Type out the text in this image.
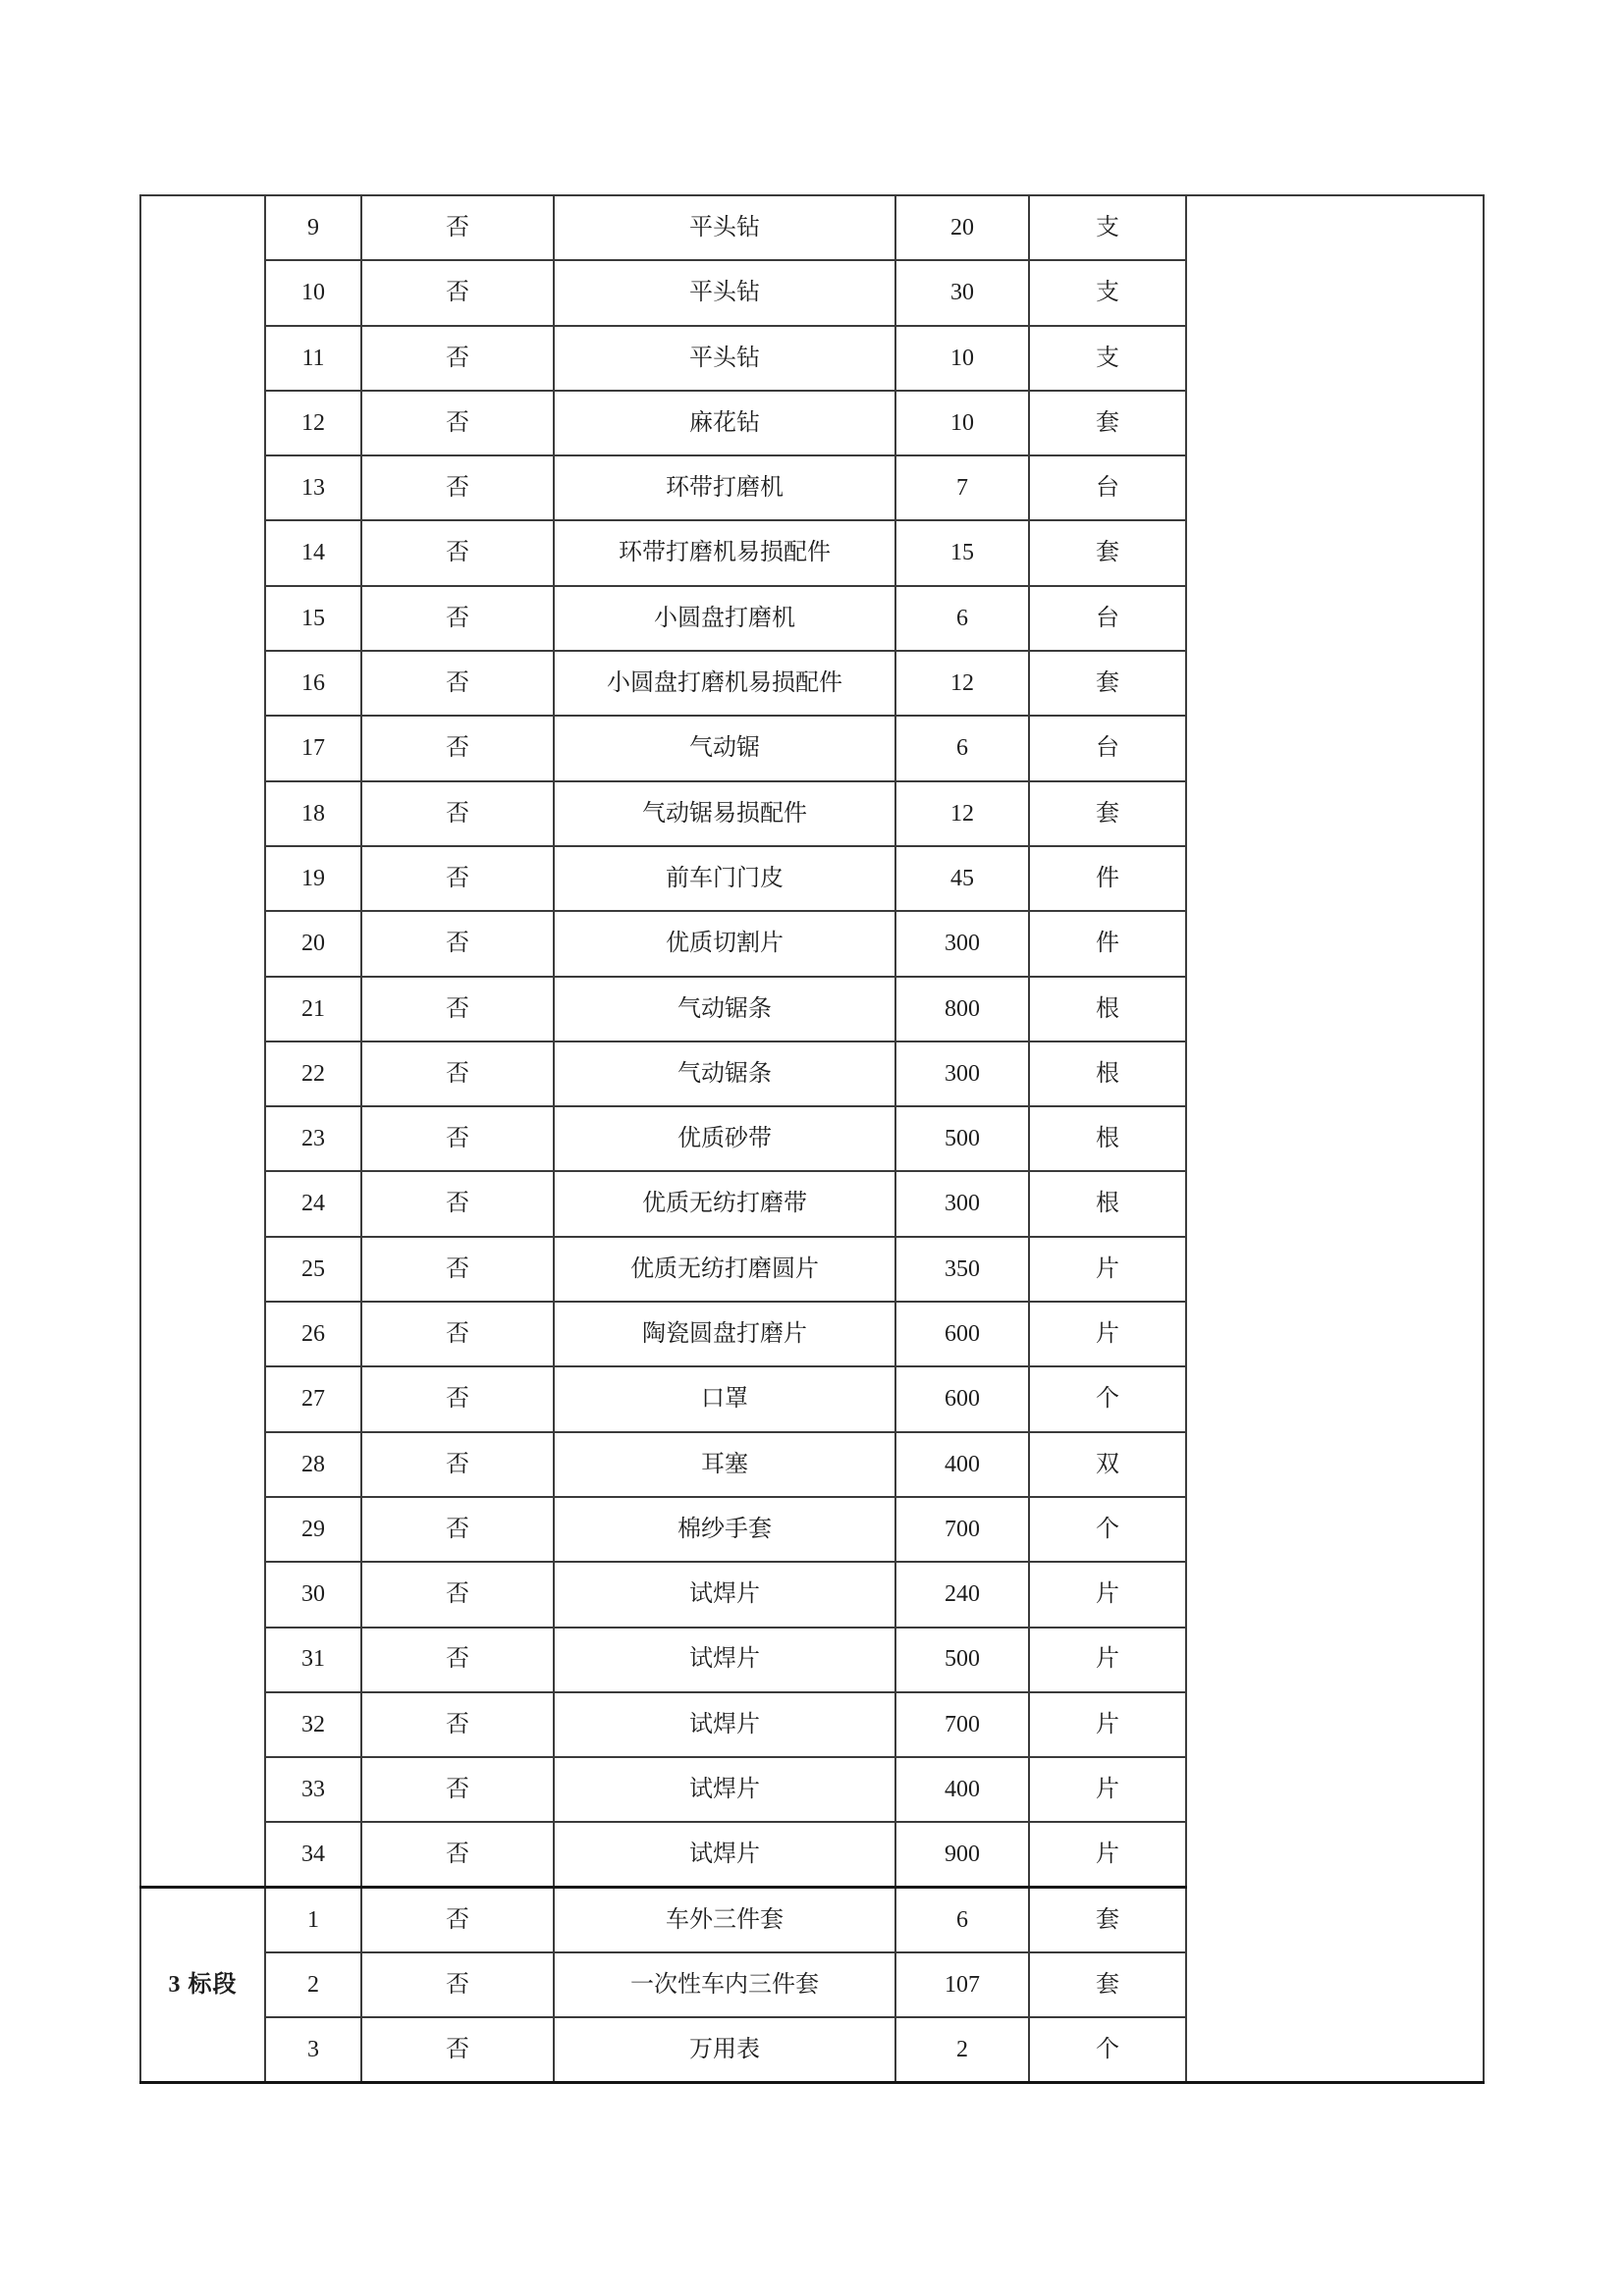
	9	否	平头钻	20	支	
	10	否	平头钻	30	支	
	11	否	平头钻	10	支	
	12	否	麻花钻	10	套	
	13	否	环带打磨机	7	台	
	14	否	环带打磨机易损配件	15	套	
	15	否	小圆盘打磨机	6	台	
	16	否	小圆盘打磨机易损配件	12	套	
	17	否	气动锯	6	台	
	18	否	气动锯易损配件	12	套	
	19	否	前车门门皮	45	件	
	20	否	优质切割片	300	件	
	21	否	气动锯条	800	根	
	22	否	气动锯条	300	根	
	23	否	优质砂带	500	根	
	24	否	优质无纺打磨带	300	根	
	25	否	优质无纺打磨圆片	350	片	
	26	否	陶瓷圆盘打磨片	600	片	
	27	否	口罩	600	个	
	28	否	耳塞	400	双	
	29	否	棉纱手套	700	个	
	30	否	试焊片	240	片	
	31	否	试焊片	500	片	
	32	否	试焊片	700	片	
	33	否	试焊片	400	片	
	34	否	试焊片	900	片	
3 标段	1	否	车外三件套	6	套	
	2	否	一次性车内三件套	107	套	
	3	否	万用表	2	个	
